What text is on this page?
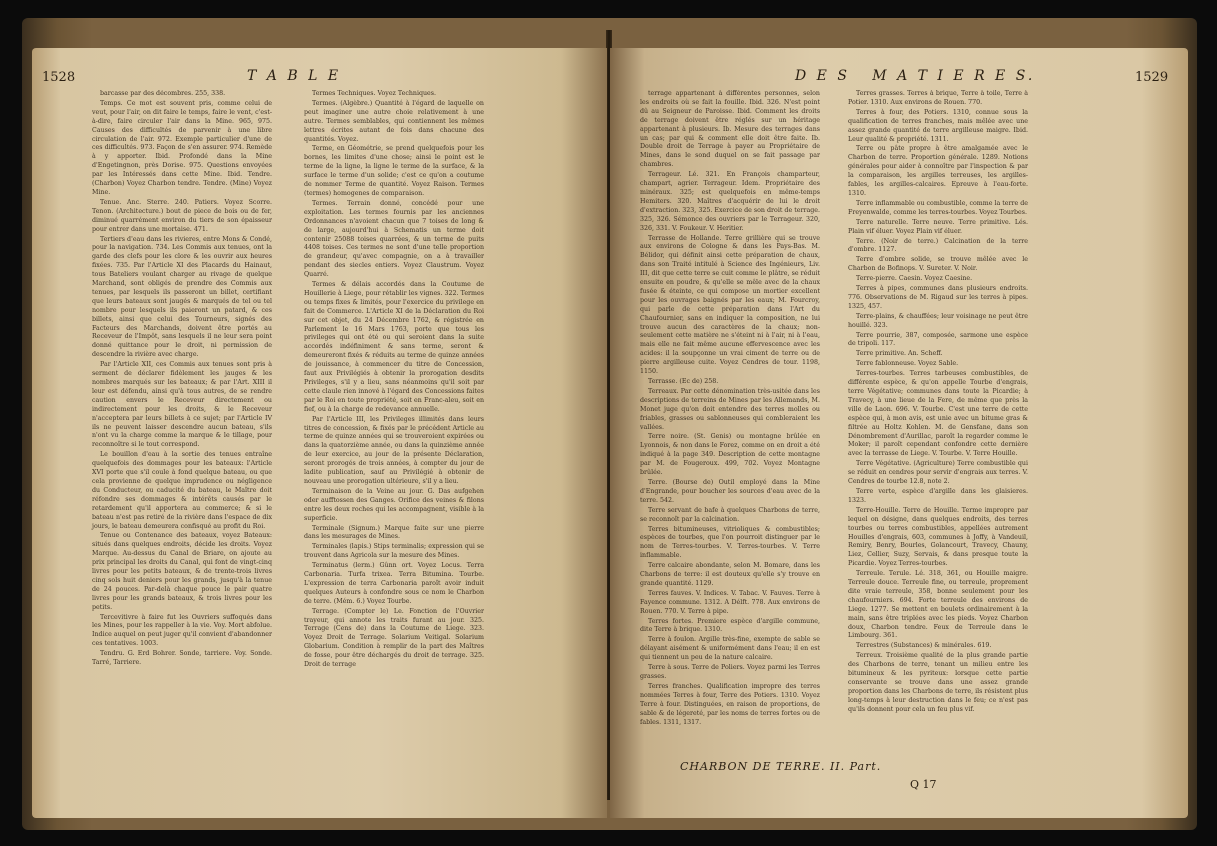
1528	T A B L E

barcasse par des décombres. 255, 338.

Temps. Ce mot est souvent pris, comme celui de veut, pour l'air, on dit faire le temps, faire le vent, c'est-à-dire, faire circuler l'air dans la Mine. 965, 975. Causes des difficultés de parvenir à une libre circulation de l'air. 972. Exemple particulier d'une de ces difficultés. 973. Façon de s'en assurer. 974. Remède à y apporter. Ibid. Profondé dans la Mine d'Engetingnon, près Dorise. 975. Questions envoyées par les Intéressés dans cette Mine. Ibid. Tendre. (Charbon) Voyez Charbon tendre. Tendre. (Mine) Voyez Mine.

Tenue. Anc. Sterre. 240. Patiers. Voyez Scorre. Tenon. (Architecture.) bout de piece de bois ou de fer, diminué quarrément environ du tiers de son épaisseur pour entrer dans une mortaise. 471.

Tertiers d'eau dans les rivieres, entre Mons & Condé, pour la navigation. 734. Les Commis aux tenues, ont la garde des clefs pour les clore & les ouvrir aux heures fixées. 735. Par l'Article XI des Placards du Hainaut, tous Bateliers voulant charger au rivage de quelque Marchand, sont obligés de prendre des Commis aux tenues, par lesquels ils passeront un billet, certifiant que leurs bateaux sont jaugés & marqués de tel ou tel nombre pour lesquels ils paieront un patard, & ces billets, ainsi que celui des Tourneurs, signés des Facteurs des Marchands, doivent être portés au Receveur de l'Impôt, sans lesquels il ne leur sera point donné quittance pour le droit, ni permission de descendre la rivière avec charge.

Par l'Article XII, ces Commis aux tenues sont pris à serment de déclarer fidèlement les jauges & les nombres marqués sur les bateaux; & par l'Art. XIII il leur est défendu, ainsi qu'à tous autres, de se rendre caution envers le Receveur directement ou indirectement pour les droits, & le Receveur n'acceptera par leurs billets à ce sujet; par l'Article IV ils ne peuvent laisser descendre aucun bateau, s'ils n'ont vu la charge comme la marque & le tillage, pour reconnoître si le tout correspond.

Le bouillon d'eau à la sortie des tenues entraîne quelquefois des dommages pour les bateaux: l'Article XVI porte que s'il coule à fond quelque bateau, ou que cela provienne de quelque imprudence ou négligence du Conducteur, ou caducité du bateau, le Maître doit réfondre ses dommages & intérêts causés par le retardement qu'il apportera au commerce; & si le bateau n'est pas retiré de la rivière dans l'espace de dix jours, le bateau demeurera confisqué au profit du Roi.

Tenue ou Contenance des bateaux, voyez Bateaux: situés dans quelques endroits, décide les droits. Voyez Marque. Au-dessus du Canal de Briare, on ajoute au prix principal les droits du Canal, qui font de vingt-cinq livres pour les petits bateaux, & de trente-trois livres cinq sols huit deniers pour les grands, jusqu'à la tenue de 24 pouces. Par-delà chaque pouce le pair quatre livres pour les grands bateaux, & trois livres pour les petits.

Tercevitivre à faire fut les Ouvriers suffoqués dans les Mines, pour les rappeller à la vie. Voy. Mort abfolue. Indice auquel on peut juger qu'il convient d'abandonner ces tentatives. 1003.

Tendru. G. Erd Bohrer. Sonde, tarriere. Voy. Sonde. Tarré, Tarriere.

Termes Techniques. Voyez Techniques.

Termes. (Algèbre.) Quantité à l'égard de laquelle on peut imaginer une autre choie relativement à une autre. Termes semblables, qui contiennent les mêmes lettres écrites autant de fois dans chacune des quantités. Voyez.

Terme, en Géométrie, se prend quelquefois pour les bornes, les limites d'une chose; ainsi le point est le terme de la ligne, la ligne le terme de la surface, & la surface le terme d'un solide; c'est ce qu'on a coutume de nommer Terme de quantité. Voyez Raison. Termes (termes) homogenes de comparaison.

Termes. Terrain donné, concédé pour une exploitation. Les termes fournis par les anciennes Ordonnances n'avoient chacun que 7 toises de long & de large, aujourd'hui à Schematis un terme doit contenir 25088 toises quarrées, & un terme de puits 4408 toises. Ces termes ne sont d'une telle proportion de grandeur, qu'avec compagnie, on a à travailler pendant des siecles entiers. Voyez Claustrum. Voyez Quarré.

Termes & délais accordés dans la Coutume de Houillerie à Liege, pour rétablir les vignes. 322. Termes ou temps fixes & limités, pour l'exercice du privilege en fait de Commerce. L'Article XI de la Déclaration du Roi sur cet objet, du 24 Décembre 1762, & régistrée en Parlement le 16 Mars 1763, porte que tous les privileges qui ont été ou qui seroient dans la suite accordés indéfiniment & sans terme, seront & demeureront fixés & réduits au terme de quinze années de jouissance, à commencer du titre de Concession, faut aux Privilégiés à obtenir la prorogation desdits Privileges, s'il y a lieu, sans néanmoins qu'il soit par cette claule rien innové à l'égard des Concessions faites par le Roi en toute propriété, soit en Franc-aleu, soit en fief, ou à la charge de redevance annuelle.

Par l'Article III, les Privileges illimités dans leurs titres de concession, & fixés par le précédent Article au terme de quinze années qui se trouveroient expirées ou dans la quatorzième année, ou dans la quinzième année de leur exercice, au jour de la présente Déclaration, seront prorogés de trois années, à compter du jour de ladite publication, sauf au Privilégié à obtenir de nouveau une prorogation ultérieure, s'il y a lieu.

Terminaison de la Veine au jour. G. Das aufgehen oder aufftossen des Ganges. Orifice des veines & filons entre les deux roches qui les accompagnent, visible à la superficie.

Terminale (Signum.) Marque faite sur une pierre dans les mesurages de Mines.

Terminales (lapis.) Stips terminalis; expression qui se trouvent dans Agricola sur la mesure des Mines.

Terminatus (lerm.) Gûnn ort. Voyez Locus. Terra Carbonaria. Turfa trixea. Terra Bitumina. Tourbe. L'expression de terra Carbonaria paroît avoir induit quelques Auteurs à confondre sous ce nom le Charbon de terre. (Mém. 6.) Voyez Tourbe.

Terrage. (Compter le) Le. Fonction de l'Ouvrier trayeur, qui annote les traits furant au jour. 325. Terrage (Cens de) dans la Coutume de Liege. 323. Voyez Droit de Terrage. Solarium Veitigal. Solarium Globarium. Condition à remplir de la part des Maîtres de fosse, pour être déchargés du droit de terrage. 325. Droit de terrage

D E S   M A T I E R E S.	1529

terrage appartenant à différentes personnes, selon les endroits où se fait la fouille. Ibid. 326. N'est point dû au Seigneur de Paroisse. Ibid. Comment les droits de terrage doivent être réglés sur un héritage appartenant à plusieurs. Ib. Mesure des terrages dans un cas; par qui & comment elle doit être faite. Ib. Double droit de Terrage à payer au Propriétaire de Mines, dans le sond duquel on se fait passage par chambres.

Terrageur. Lé. 321. En François champarteur, champart, agrier. Terrageur. Idem. Propriétaire des minéraux. 325; est quelquefois en même-temps Hemiters. 320. Maîtres d'acquérir de lui le droit d'extraction. 323, 325. Exercice de son droit de terrage. 325, 326. Sémonce des ouvriers par le Terrageur. 320, 326, 331. V. Foukeur. V. Heritier.

Terrasse de Hollande. Terre grillière qui se trouve aux environs de Cologne & dans les Pays-Bas. M. Bélidor, qui définit ainsi cette préparation de chaux, dans son Traité intitulé à Science des Ingénieurs, Liv. III, dit que cette terre se cuit comme le plâtre, se réduit ensuite en poudre, & qu'elle se mêle avec de la chaux fusée & éteinte, ce qui compose un mortier excellent pour les ouvrages baignés par les eaux; M. Fourcroy, qui parle de cette préparation dans l'Art du Chaufournier, sans en indiquer la composition, ne lui trouve aucun des caractères de la chaux; non-seulement cette matière ne s'éteint ni à l'air, ni à l'eau, mais elle ne fait même aucune effervescence avec les acides: il la soupçonne un vrai ciment de terre ou de pierre argilleuse cuite. Voyez Cendres de tour. 1198, 1150.

Terrasse. (Ec de) 258.

Terreaux. Par cette dénomination très-usitée dans les descriptions de terreins de Mines par les Allemands, M. Monet juge qu'on doit entendre des terres molles ou friables, grasses ou sablonneuses qui combleraient les vallées.

Terre noire. (St. Genis) ou montagne brûlée en Lyonnois, & non dans le Forez, comme on en droit a été indiqué à la page 349. Description de cette montagne par M. de Fougeroux. 499, 702. Voyez Montagne brûlée.

Terre. (Bourse de) Outil employé dans la Mine d'Engrande, pour boucher les sources d'eau avec de la terre. 542.

Terre servant de bafe à quelques Charbons de terre, se reconnoît par la calcination.

Terres bitumineuses, vitrioliques & combustibles; espèces de tourbes, que l'on pourroit distinguer par le nom de Terres-tourbes. V. Terres-tourbes. V. Terre inflammable.

Terre calcaire abondante, selon M. Bomare, dans les Charbons de terre: il est douteux qu'elle s'y trouve en grande quantité. 1129.

Terres fauves. V. Indices. V. Tabac. V. Fauves. Terre à Fayence commune. 1312. A Délft. 778. Aux environs de Rouen. 770. V. Terre à pipe.

Terres fortes. Premiere espèce d'argille commune, dite Terre à brique. 1310.

Terre à foulon. Argille très-fine, exempte de sable se délayant aisément & uniformément dans l'eau; il en est qui tiennent un peu de la nature calcaire.

Terre à sous. Terre de Poliers. Voyez parmi les Terres grasses.

Terres franches. Qualification impropre des terres nommées Terres à four, Terre des Potiers. 1310. Voyez Terre à four. Distinguées, en raison de proportions, de sable & de légereté, par les noms de terres fortes ou de fables. 1311, 1317.

Terres grasses. Terres à brique, Terre à toile, Terre à Potier. 1310. Aux environs de Rouen. 770.

Terres à four, des Potiers. 1310, connue sous la qualification de terres franches, mais mêlée avec une assez grande quantité de terre argilleuse maigre. Ibid. Leur qualité & propriété. 1311.

Terre ou pâte propre à être amalgamée avec le Charbon de terre. Proportion générale. 1289. Notions générales pour aider à connoître par l'inspection & par la comparaison, les argilles terreuses, les argilles-fables, les argilles-calcaires. Epreuve à l'eau-forte. 1310.

Terre inflammable ou combustible, comme la terre de Freyenwalde, comme les terres-tourbes. Voyez Tourbes.

Terre naturelle. Terre neuve. Terre primitive. Lés. Plain vif éluer. Voyez Plain vif éluer.

Terre. (Noir de terre.) Calcination de la terre d'ombre. 1127.

Terre d'ombre solide, se trouve mêlée avec le Charbon de Bofinops. V. Sureter. V. Noir.

Terre-pierre. Caesin. Voyez Caesine.

Terres à pipes, communes dans plusieurs endroits. 776. Observations de M. Rigaud sur les terres à pipes. 1325, 457.

Terre-plains, & chauffées; leur voisinage ne peut être houillé. 323.

Terre pourrie, 387, composée, sarmone une espèce de tripoli. 117.

Terre primitive. An. Scheff.

Terre fablonneuse. Voyez Sable.

Terres-tourbes. Terres tarbeuses combustibles, de différente espèce, & qu'on appelle Tourbe d'engrais, terre Végétative; communes dans toute la Picardie; à Travecy, à une lieue de la Fere, de même que près la ville de Laon. 696. V. Tourbe. C'est une terre de cette espèce qui, à mon avis, est unie avec un bitume gras & filtrée au Holtz Kohlen. M. de Gensfane, dans son Dénombrement d'Aurillac, paroît la regarder comme le Moker; il paroît cependant confondre cette dernière avec la terrasse de Liege. V. Tourbe. V. Terre Houille.

Terre Végétative. (Agriculture) Terre combustible qui se réduit en cendres pour servir d'engrais aux terres. V. Cendres de tourbe 12.8, note 2.

Terre verte, espèce d'argille dans les glaisieres. 1323.

Terre-Houille. Terre de Houille. Terme impropre par lequel on désigne, dans quelques endroits, des terres tourbes ou terres combustibles, appellées autrement Houilles d'engrais, 603, communes à Joffy, à Vandeuil, Remiry, Benry, Bourles, Golancourt, Travecy, Chauny, Liez, Cellier, Suzy, Servais, & dans presque toute la Picardie. Voyez Terres-tourbes.

Terreule. Terule. Lé. 318, 361, ou Houille maigre. Terreule douce. Terreule fine, ou terreule, proprement dite vraie terreule, 358, bonne seulement pour les chaufourniers. 694. Forte terreule des environs de Liege. 1277. Se mettent en boulets ordinairement à la main, sans être triplées avec les pieds. Voyez Charbon doux, Charbon tendre. Feux de Terreule dans le Limbourg. 361.

Terrestres (Substances) & minérales. 619.

Terreux. Troisième qualité de la plus grande partie des Charbons de terre, tenant un milieu entre les bitumineux & les pyriteux: lorsque cette partie conservante se trouve dans une assez grande proportion dans les Charbons de terre, ils résistent plus long-temps à leur destruction dans le feu; ce n'est pas qu'ils donnent pour cela un feu plus vif.

CHARBON DE TERRE. II. Part.
Q 17
